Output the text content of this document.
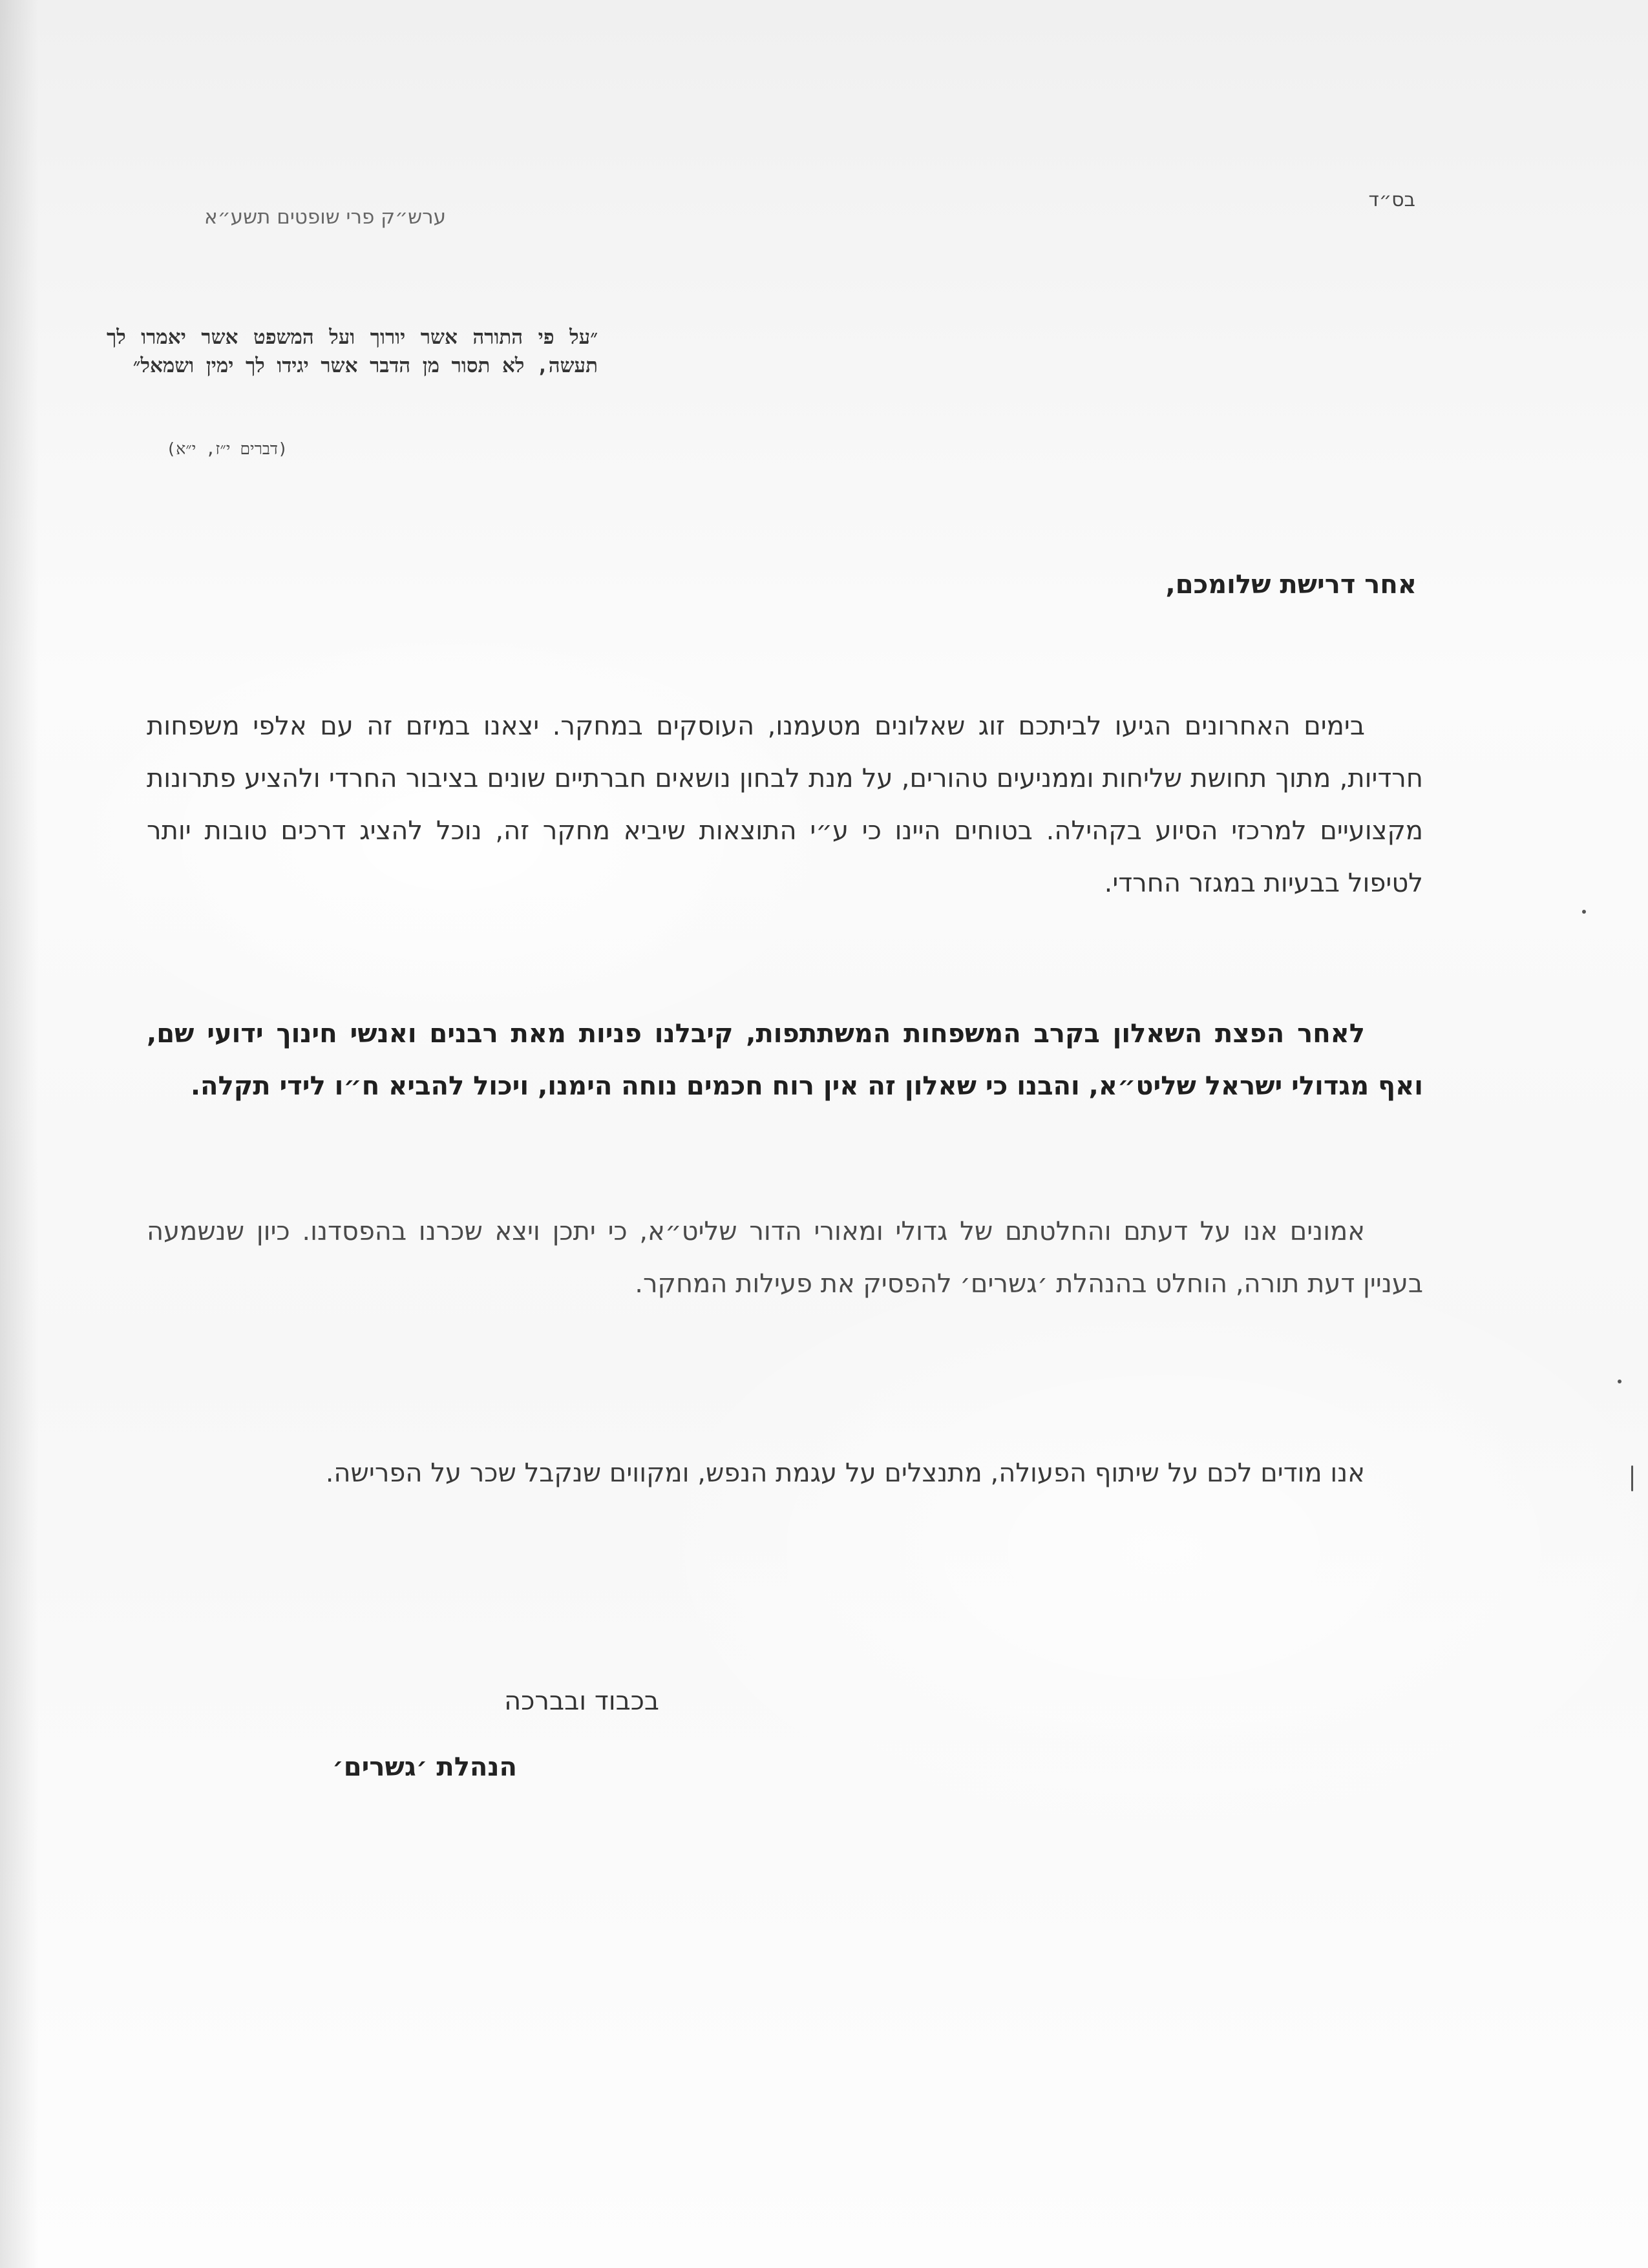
בס״ד
ערש״ק פרי שופטים תשע״א
״על פי התורה אשר יורוך ועל המשפט אשר יאמרו לך תעשה, לא תסור מן הדבר אשר יגידו לך ימין ושמאל״
(דברים י״ז, י״א)
אחר דרישת שלומכם,
בימים האחרונים הגיעו לביתכם זוג שאלונים מטעמנו, העוסקים במחקר. יצאנו במיזם זה עם אלפי משפחות חרדיות, מתוך תחושת שליחות וממניעים טהורים, על מנת לבחון נושאים חברתיים שונים בציבור החרדי ולהציע פתרונות מקצועיים למרכזי הסיוע בקהילה. בטוחים היינו כי ע״י התוצאות שיביא מחקר זה, נוכל להציג דרכים טובות יותר לטיפול בבעיות במגזר החרדי.
לאחר הפצת השאלון בקרב המשפחות המשתתפות, קיבלנו פניות מאת רבנים ואנשי חינוך ידועי שם, ואף מגדולי ישראל שליט״א, והבנו כי שאלון זה אין רוח חכמים נוחה הימנו, ויכול להביא ח״ו לידי תקלה.
אמונים אנו על דעתם והחלטתם של גדולי ומאורי הדור שליט״א, כי יתכן ויצא שכרנו בהפסדנו. כיון שנשמעה בעניין דעת תורה, הוחלט בהנהלת ׳גשרים׳ להפסיק את פעילות המחקר.
אנו מודים לכם על שיתוף הפעולה, מתנצלים על עגמת הנפש, ומקווים שנקבל שכר על הפרישה.
בכבוד ובברכה
הנהלת ׳גשרים׳
